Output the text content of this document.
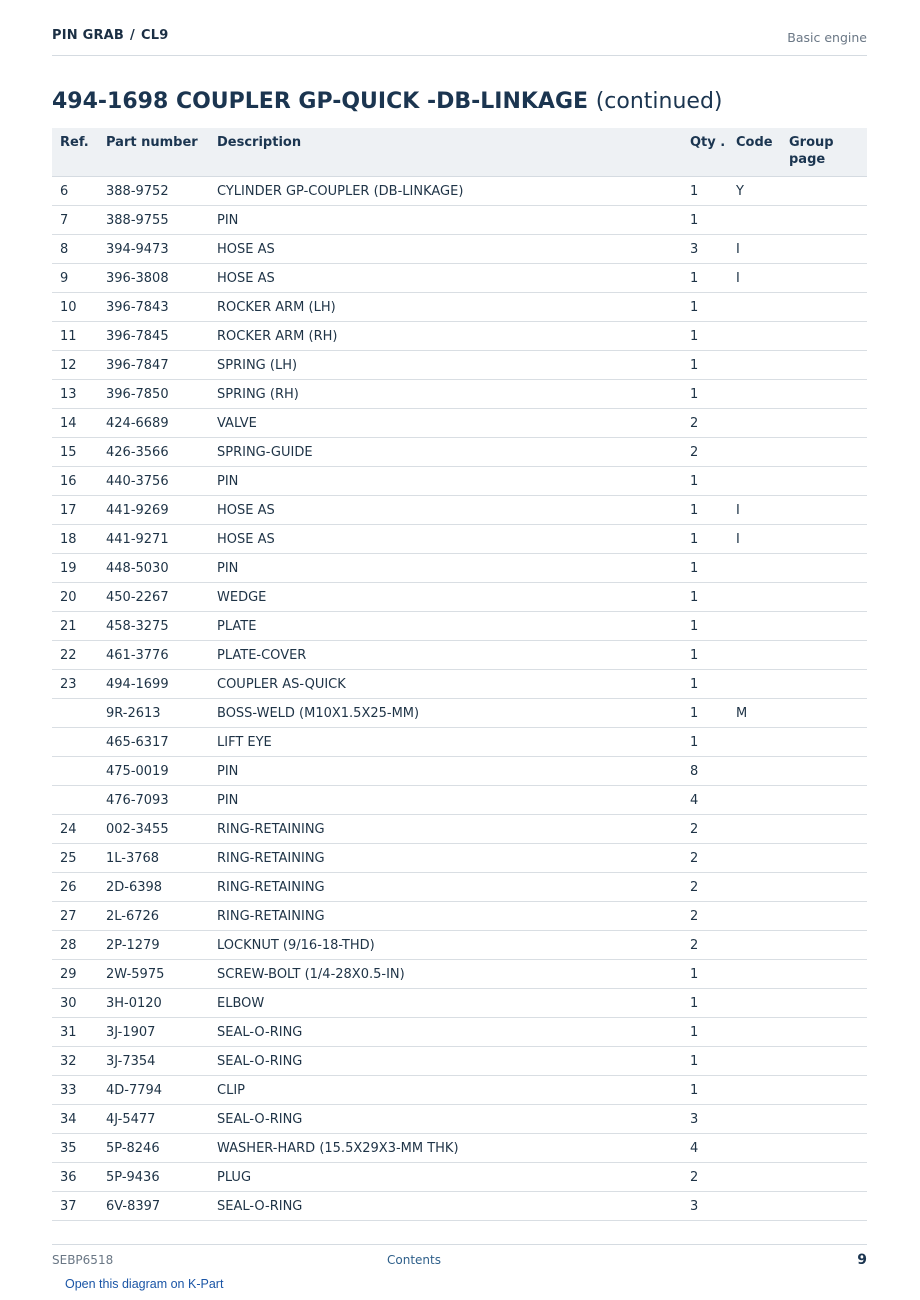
PIN GRAB / CL9	Basic engine
494-1698 COUPLER GP-QUICK -DB-LINKAGE (continued)
Ref.	Part number	Description	Qty .	Code	Group page
6	388-9752	CYLINDER GP-COUPLER (DB-LINKAGE)	1	Y	
7	388-9755	PIN	1		
8	394-9473	HOSE AS	3	I	
9	396-3808	HOSE AS	1	I	
10	396-7843	ROCKER ARM (LH)	1		
11	396-7845	ROCKER ARM (RH)	1		
12	396-7847	SPRING (LH)	1		
13	396-7850	SPRING (RH)	1		
14	424-6689	VALVE	2		
15	426-3566	SPRING-GUIDE	2		
16	440-3756	PIN	1		
17	441-9269	HOSE AS	1	I	
18	441-9271	HOSE AS	1	I	
19	448-5030	PIN	1		
20	450-2267	WEDGE	1		
21	458-3275	PLATE	1		
22	461-3776	PLATE-COVER	1		
23	494-1699	COUPLER AS-QUICK	1		
	9R-2613	BOSS-WELD (M10X1.5X25-MM)	1	M	
	465-6317	LIFT EYE	1		
	475-0019	PIN	8		
	476-7093	PIN	4		
24	002-3455	RING-RETAINING	2		
25	1L-3768	RING-RETAINING	2		
26	2D-6398	RING-RETAINING	2		
27	2L-6726	RING-RETAINING	2		
28	2P-1279	LOCKNUT (9/16-18-THD)	2		
29	2W-5975	SCREW-BOLT (1/4-28X0.5-IN)	1		
30	3H-0120	ELBOW	1		
31	3J-1907	SEAL-O-RING	1		
32	3J-7354	SEAL-O-RING	1		
33	4D-7794	CLIP	1		
34	4J-5477	SEAL-O-RING	3		
35	5P-8246	WASHER-HARD (15.5X29X3-MM THK)	4		
36	5P-9436	PLUG	2		
37	6V-8397	SEAL-O-RING	3		
SEBP6518	Contents	9
Open this diagram on K-Part
